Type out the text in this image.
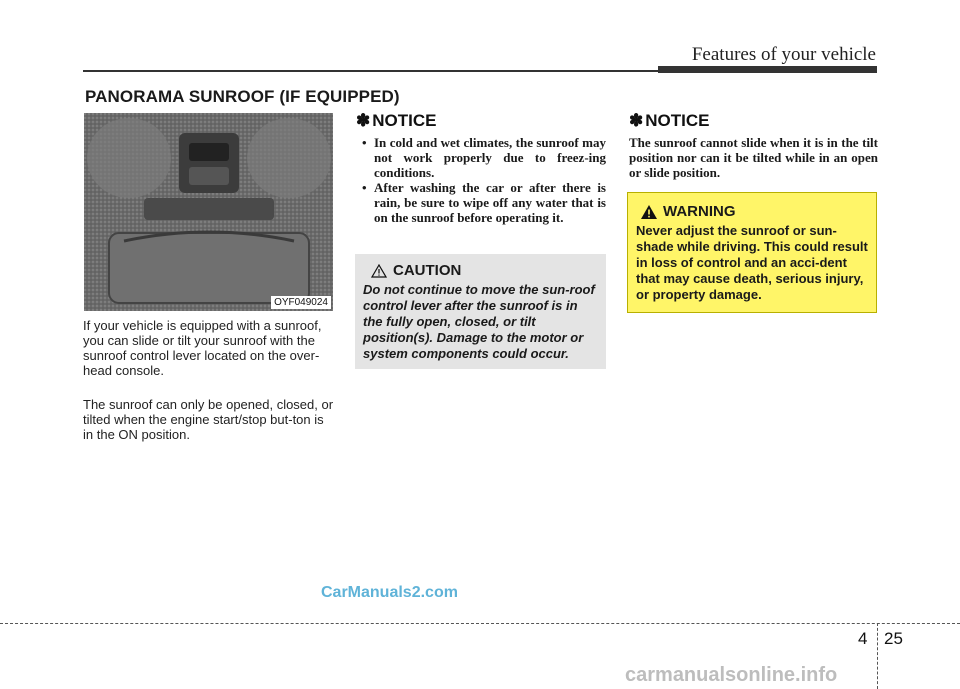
Features of your vehicle
PANORAMA SUNROOF (IF EQUIPPED)
OYF049024

If your vehicle is equipped with a sunroof, you can slide or tilt your sunroof with the sunroof control lever located on the over-head console.

The sunroof can only be opened, closed, or tilted when the engine start/stop but-ton is in the ON position.

✽ NOTICE
• In cold and wet climates, the sunroof may not work properly due to freez-ing conditions.
• After washing the car or after there is rain, be sure to wipe off any water that is on the sunroof before operating it.
CAUTION

Do not continue to move the sun-roof control lever after the sunroof is in the fully open, closed, or tilt position(s). Damage to the motor or system components could occur.

✽ NOTICE

The sunroof cannot slide when it is in the tilt position nor can it be tilted while in an open or slide position.

WARNING

Never adjust the sunroof or sun-shade while driving. This could result in loss of control and an acci-dent that may cause death, serious injury, or property damage.

CarManuals2.com
4 25
carmanualsonline.info
